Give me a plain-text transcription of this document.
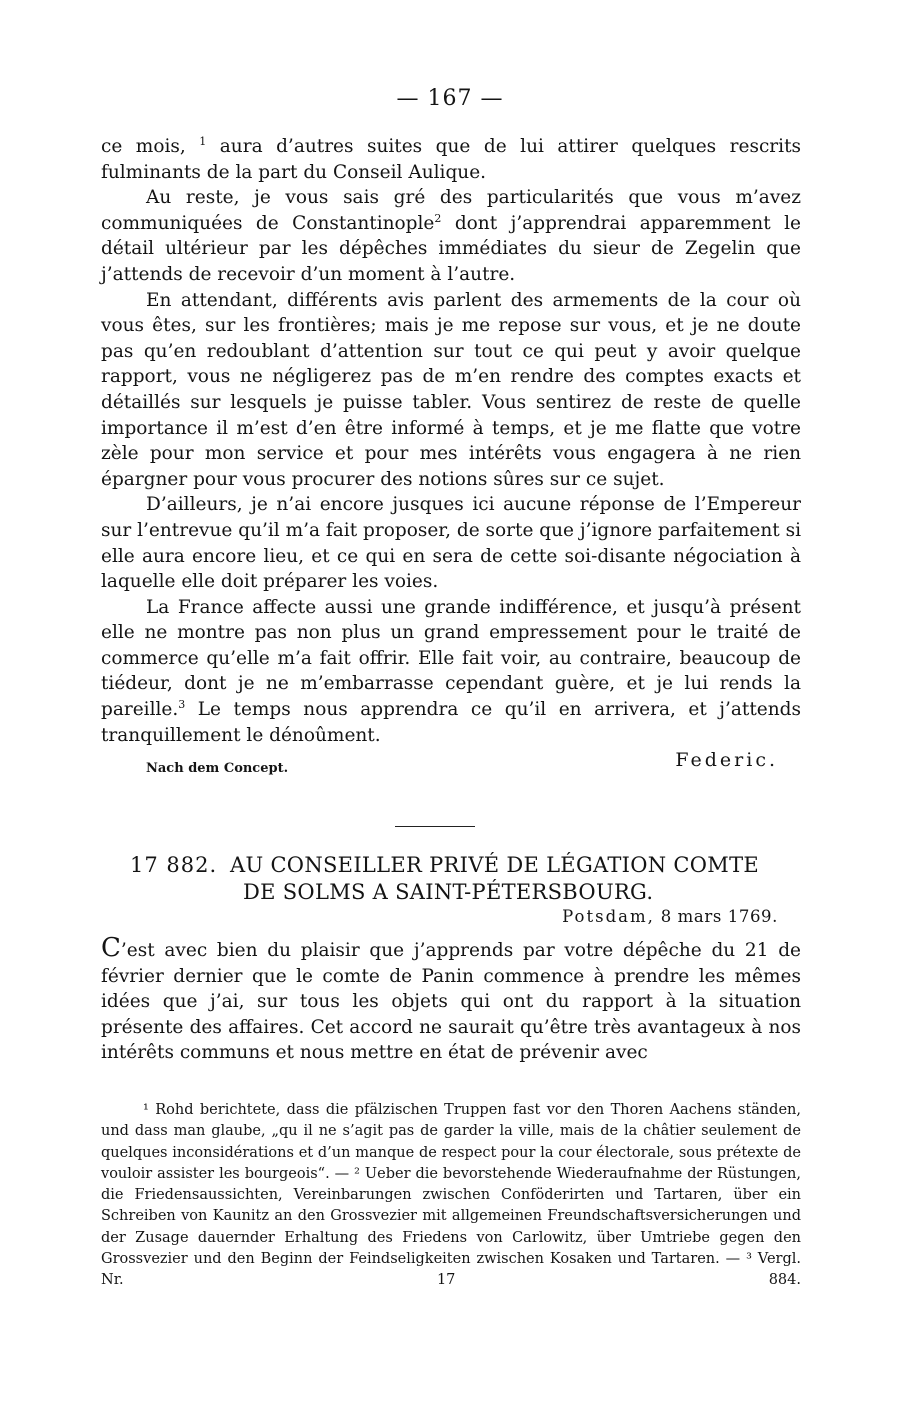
— 167 —

ce mois, $^1$ aura d’autres suites que de lui attirer quelques rescrits fulminants de la part du Conseil Aulique.

Au reste, je vous sais gré des particularités que vous m’avez communiquées de Constantinople$^2$ dont j’apprendrai apparemment le détail ultérieur par les dépêches immédiates du sieur de Zegelin que j’attends de recevoir d’un moment à l’autre.

En attendant, différents avis parlent des armements de la cour où vous êtes, sur les frontières; mais je me repose sur vous, et je ne doute pas qu’en redoublant d’attention sur tout ce qui peut y avoir quelque rapport, vous ne négligerez pas de m’en rendre des comptes exacts et détaillés sur lesquels je puisse tabler. Vous sentirez de reste de quelle importance il m’est d’en être informé à temps, et je me flatte que votre zèle pour mon service et pour mes intérêts vous engagera à ne rien épargner pour vous procurer des notions sûres sur ce sujet.

D’ailleurs, je n’ai encore jusques ici aucune réponse de l’Empereur sur l’entrevue qu’il m’a fait proposer, de sorte que j’ignore parfaitement si elle aura encore lieu, et ce qui en sera de cette soi-disante négociation à laquelle elle doit préparer les voies.

La France affecte aussi une grande indifférence, et jusqu’à présent elle ne montre pas non plus un grand empressement pour le traité de commerce qu’elle m’a fait offrir. Elle fait voir, au contraire, beaucoup de tiédeur, dont je ne m’embarrasse cependant guère, et je lui rends la pareille.$^3$ Le temps nous apprendra ce qu’il en arrivera, et j’attends tranquillement le dénoûment.

Federic.
Nach dem Concept.
17 882. AU CONSEILLER PRIVÉ DE LÉGATION COMTE
DE SOLMS A SAINT-PÉTERSBOURG.
Potsdam, 8 mars 1769.

C’est avec bien du plaisir que j’apprends par votre dépêche du 21 de février dernier que le comte de Panin commence à prendre les mêmes idées que j’ai, sur tous les objets qui ont du rapport à la situation présente des affaires. Cet accord ne saurait qu’être très avantageux à nos intérêts communs et nous mettre en état de prévenir avec

¹ Rohd berichtete, dass die pfälzischen Truppen fast vor den Thoren Aachens ständen, und dass man glaube, „qu il ne s’agit pas de garder la ville, mais de la châtier seulement de quelques inconsidérations et d’un manque de respect pour la cour électorale, sous prétexte de vouloir assister les bourgeois“. — ² Ueber die bevorstehende Wiederaufnahme der Rüstungen, die Friedensaussichten, Vereinbarungen zwischen Conföderirten und Tartaren, über ein Schreiben von Kaunitz an den Grossvezier mit allgemeinen Freundschaftsversicherungen und der Zusage dauernder Erhaltung des Friedens von Carlowitz, über Umtriebe gegen den Grossvezier und den Beginn der Feindseligkeiten zwischen Kosaken und Tartaren. — ³ Vergl. Nr. 17 884.
